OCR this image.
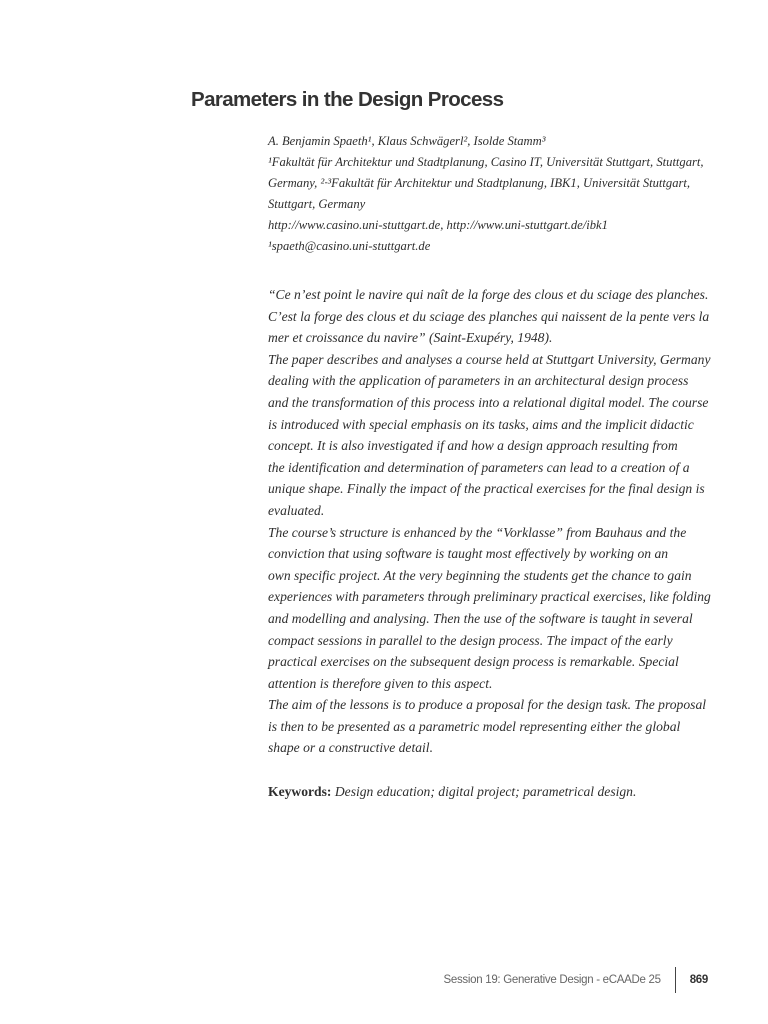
Parameters in the Design Process
A. Benjamin Spaeth¹, Klaus Schwägerl², Isolde Stamm³
¹Fakultät für Architektur und Stadtplanung, Casino IT, Universität Stuttgart, Stuttgart,
Germany, ²·³Fakultät für Architektur und Stadtplanung, IBK1, Universität Stuttgart,
Stuttgart, Germany
http://www.casino.uni-stuttgart.de, http://www.uni-stuttgart.de/ibk1
¹spaeth@casino.uni-stuttgart.de
“Ce n’est point le navire qui naît de la forge des clous et du sciage des planches.
C’est la forge des clous et du sciage des planches qui naissent de la pente vers la
mer et croissance du navire” (Saint-Exupéry, 1948).
The paper describes and analyses a course held at Stuttgart University, Germany
dealing with the application of parameters in an architectural design process
and the transformation of this process into a relational digital model. The course
is introduced with special emphasis on its tasks, aims and the implicit didactic
concept. It is also investigated if and how a design approach resulting from
the identification and determination of parameters can lead to a creation of a
unique shape. Finally the impact of the practical exercises for the final design is
evaluated.
The course’s structure is enhanced by the “Vorklasse” from Bauhaus and the
conviction that using software is taught most effectively by working on an
own specific project. At the very beginning the students get the chance to gain
experiences with parameters through preliminary practical exercises, like folding
and modelling and analysing. Then the use of the software is taught in several
compact sessions in parallel to the design process. The impact of the early
practical exercises on the subsequent design process is remarkable. Special
attention is therefore given to this aspect.
The aim of the lessons is to produce a proposal for the design task. The proposal
is then to be presented as a parametric model representing either the global
shape or a constructive detail.
Keywords: Design education; digital project; parametrical design.
Session 19: Generative Design - eCAADe 25	869
